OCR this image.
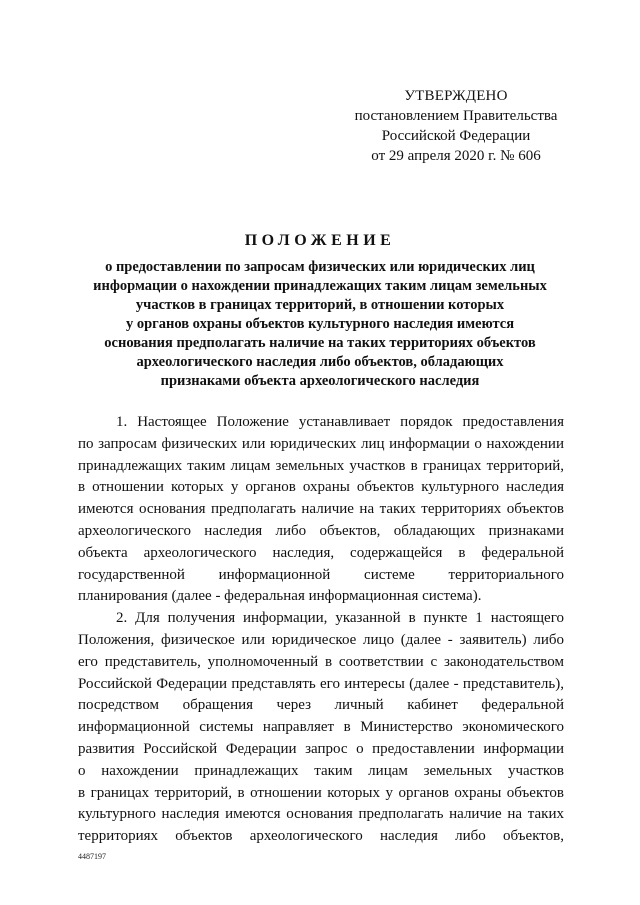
УТВЕРЖДЕНО
постановлением Правительства
Российской Федерации
от 29 апреля 2020 г. № 606
ПОЛОЖЕНИЕ
о предоставлении по запросам физических или юридических лиц
информации о нахождении принадлежащих таким лицам земельных
участков в границах территорий, в отношении которых
у органов охраны объектов культурного наследия имеются
основания предполагать наличие на таких территориях объектов
археологического наследия либо объектов, обладающих
признаками объекта археологического наследия
1. Настоящее Положение устанавливает порядок предоставления
по запросам физических или юридических лиц информации о нахождении
принадлежащих таким лицам земельных участков в границах территорий,
в отношении которых у органов охраны объектов культурного наследия
имеются основания предполагать наличие на таких территориях объектов
археологического наследия либо объектов, обладающих признаками
объекта археологического наследия, содержащейся в федеральной
государственной информационной системе территориального
планирования (далее - федеральная информационная система).
2. Для получения информации, указанной в пункте 1 настоящего
Положения, физическое или юридическое лицо (далее - заявитель) либо
его представитель, уполномоченный в соответствии с законодательством
Российской Федерации представлять его интересы (далее - представитель),
посредством обращения через личный кабинет федеральной
информационной системы направляет в Министерство экономического
развития Российской Федерации запрос о предоставлении информации
о нахождении принадлежащих таким лицам земельных участков
в границах территорий, в отношении которых у органов охраны объектов
культурного наследия имеются основания предполагать наличие на таких
территориях объектов археологического наследия либо объектов,
4487197
